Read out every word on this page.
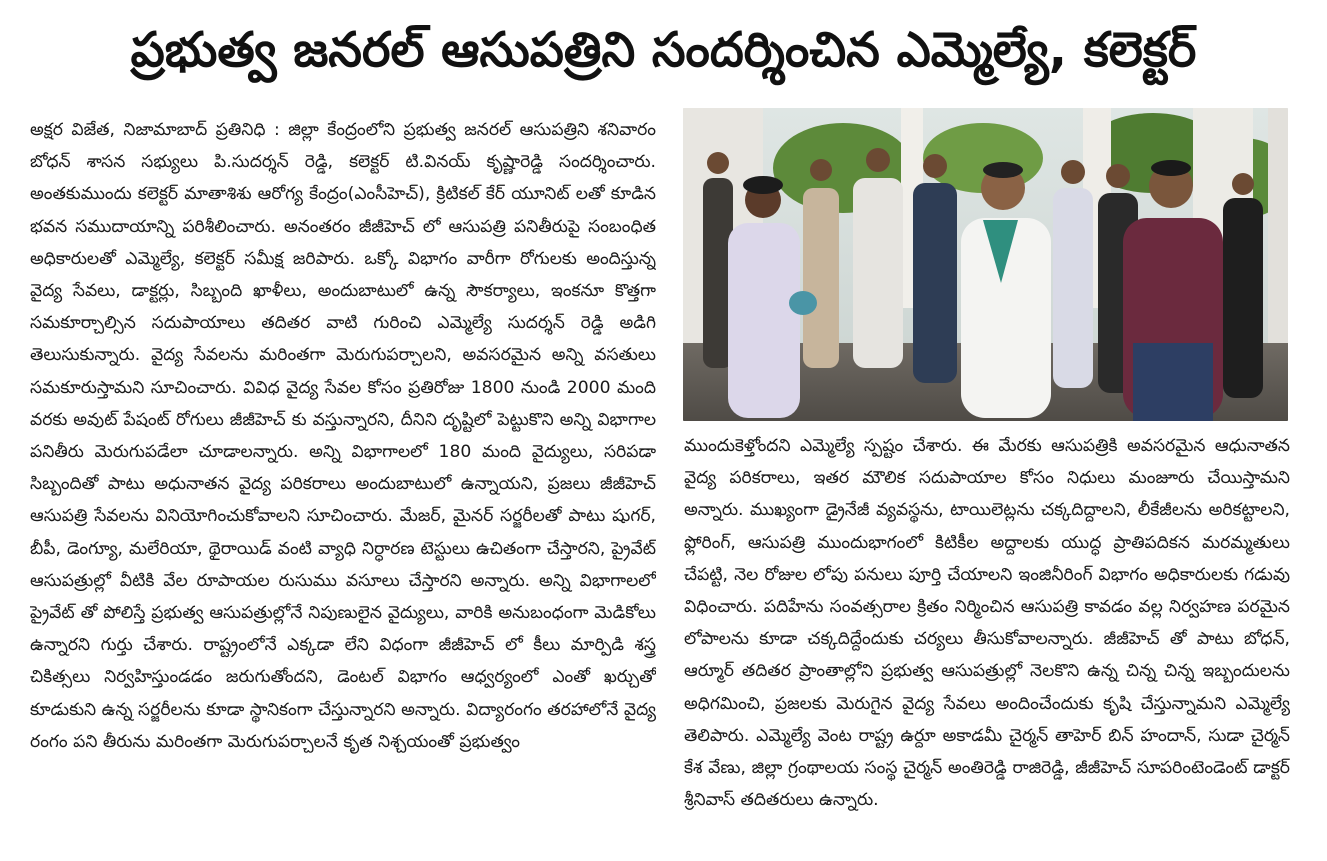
ప్రభుత్వ జనరల్ ఆసుపత్రిని సందర్శించిన ఎమ్మెల్యే, కలెక్టర్

అక్షర విజేత, నిజామాబాద్ ప్రతినిధి : జిల్లా కేంద్రంలోని ప్రభుత్వ జనరల్ ఆసుపత్రిని శనివారం బోధన్ శాసన సభ్యులు పి.సుదర్శన్ రెడ్డి, కలెక్టర్ టి.వినయ్ కృష్ణారెడ్డి సందర్శించారు. అంతకుముందు కలెక్టర్ మాతాశిశు ఆరోగ్య కేంద్రం(ఎంసీహెచ్), క్రిటికల్ కేర్ యూనిట్ లతో కూడిన భవన సముదాయాన్ని పరిశీలించారు. అనంతరం జీజీహెచ్ లో ఆసుపత్రి పనితీరుపై సంబంధిత అధికారులతో ఎమ్మెల్యే, కలెక్టర్ సమీక్ష జరిపారు. ఒక్కో విభాగం వారీగా రోగులకు అందిస్తున్న వైద్య సేవలు, డాక్టర్లు, సిబ్బంది ఖాళీలు, అందుబాటులో ఉన్న సౌకర్యాలు, ఇంకనూ కొత్తగా సమకూర్చాల్సిన సదుపాయాలు తదితర వాటి గురించి ఎమ్మెల్యే సుదర్శన్ రెడ్డి అడిగి తెలుసుకున్నారు. వైద్య సేవలను మరింతగా మెరుగుపర్చాలని, అవసరమైన అన్ని వసతులు సమకూరుస్తామని సూచించారు. వివిధ వైద్య సేవల కోసం ప్రతిరోజు 1800 నుండి 2000 మంది వరకు అవుట్ పేషంట్ రోగులు జీజీహెచ్ కు వస్తున్నారని, దీనిని దృష్టిలో పెట్టుకొని అన్ని విభాగాల పనితీరు మెరుగుపడేలా చూడాలన్నారు. అన్ని విభాగాలలో 180 మంది వైద్యులు, సరిపడా సిబ్బందితో పాటు అధునాతన వైద్య పరికరాలు అందుబాటులో ఉన్నాయని, ప్రజలు జీజీహెచ్ ఆసుపత్రి సేవలను వినియోగించుకోవాలని సూచించారు. మేజర్, మైనర్ సర్జరీలతో పాటు షుగర్, బీపీ, డెంగ్యూ, మలేరియా, థైరాయిడ్ వంటి వ్యాధి నిర్ధారణ టెస్టులు ఉచితంగా చేస్తారని, ప్రైవేట్ ఆసుపత్రుల్లో వీటికి వేల రూపాయల రుసుము వసూలు చేస్తారని అన్నారు. అన్ని విభాగాలలో ప్రైవేట్ తో పోలిస్తే ప్రభుత్వ ఆసుపత్రుల్లోనే నిపుణులైన వైద్యులు, వారికి అనుబంధంగా మెడికోలు ఉన్నారని గుర్తు చేశారు. రాష్ట్రంలోనే ఎక్కడా లేని విధంగా జీజీహెచ్ లో కీలు మార్పిడి శస్త్ర చికిత్సలు నిర్వహిస్తుండడం జరుగుతోందని, డెంటల్ విభాగం ఆధ్వర్యంలో ఎంతో ఖర్చుతో కూడుకుని ఉన్న సర్జరీలను కూడా స్థానికంగా చేస్తున్నారని అన్నారు. విద్యారంగం తరహాలోనే వైద్య రంగం పని తీరును మరింతగా మెరుగుపర్చాలనే కృత నిశ్చయంతో ప్రభుత్వం

ముందుకెళ్తోందని ఎమ్మెల్యే స్పష్టం చేశారు. ఈ మేరకు ఆసుపత్రికి అవసరమైన ఆధునాతన వైద్య పరికరాలు, ఇతర మౌలిక సదుపాయాల కోసం నిధులు మంజూరు చేయిస్తామని అన్నారు. ముఖ్యంగా డ్రైనేజీ వ్యవస్థను, టాయిలెట్లను చక్కదిద్దాలని, లీకేజీలను అరికట్టాలని, ఫ్లోరింగ్, ఆసుపత్రి ముందుభాగంలో కిటికీల అద్దాలకు యుద్ధ ప్రాతిపదికన మరమ్మతులు చేపట్టి, నెల రోజుల లోపు పనులు పూర్తి చేయాలని ఇంజినీరింగ్ విభాగం అధికారులకు గడువు విధించారు. పదిహేను సంవత్సరాల క్రితం నిర్మించిన ఆసుపత్రి కావడం వల్ల నిర్వహణ పరమైన లోపాలను కూడా చక్కదిద్దేందుకు చర్యలు తీసుకోవాలన్నారు. జీజీహెచ్ తో పాటు బోధన్, ఆర్మూర్ తదితర ప్రాంతాల్లోని ప్రభుత్వ ఆసుపత్రుల్లో నెలకొని ఉన్న చిన్న చిన్న ఇబ్బందులను అధిగమించి, ప్రజలకు మెరుగైన వైద్య సేవలు అందించేందుకు కృషి చేస్తున్నామని ఎమ్మెల్యే తెలిపారు. ఎమ్మెల్యే వెంట రాష్ట్ర ఉర్దూ అకాడమీ చైర్మన్ తాహెర్ బిన్ హందాన్, సుడా చైర్మన్ కేశ వేణు, జిల్లా గ్రంథాలయ సంస్థ చైర్మన్ అంతిరెడ్డి రాజిరెడ్డి, జీజీహెచ్ సూపరింటెండెంట్ డాక్టర్ శ్రీనివాస్ తదితరులు ఉన్నారు.
